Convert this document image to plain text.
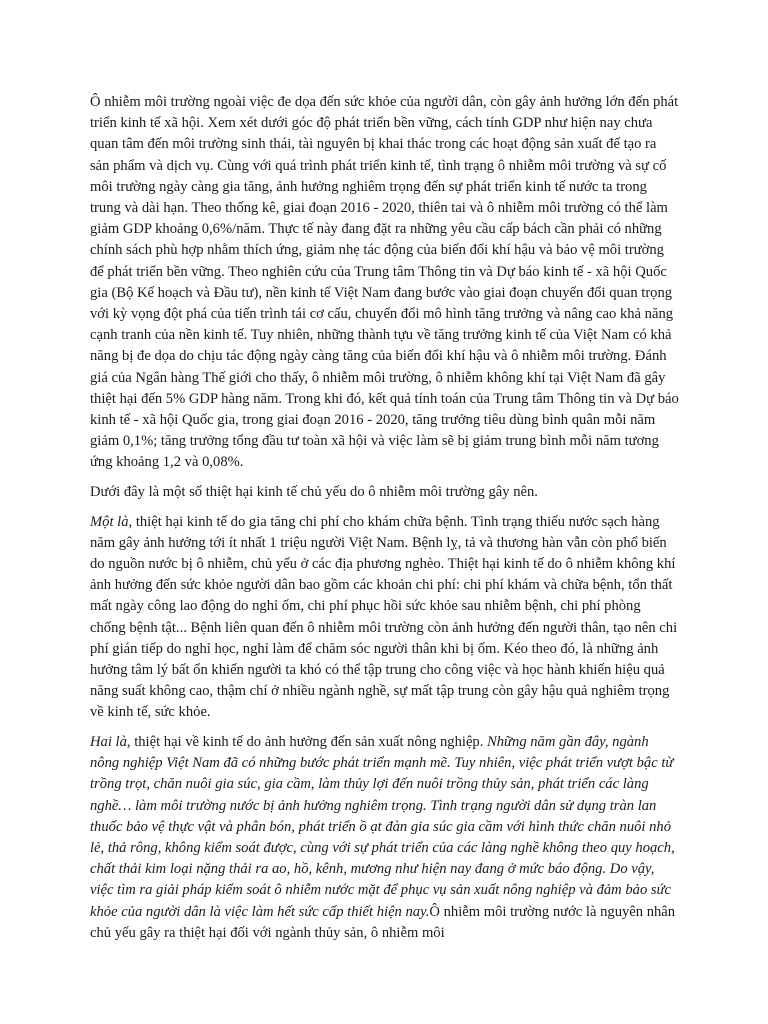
Ô nhiễm môi trường ngoài việc đe dọa đến sức khỏe của người dân, còn gây ảnh hưởng lớn đến phát triển kinh tế xã hội. Xem xét dưới góc độ phát triển bền vững, cách tính GDP như hiện nay chưa quan tâm đến môi trường sinh thái, tài nguyên bị khai thác trong các hoạt động sản xuất để tạo ra sản phẩm và dịch vụ. Cùng với quá trình phát triển kinh tế, tình trạng ô nhiễm môi trường và sự cố môi trường ngày càng gia tăng, ảnh hưởng nghiêm trọng đến sự phát triển kinh tế nước ta trong trung và dài hạn. Theo thống kê, giai đoạn 2016 - 2020, thiên tai và ô nhiễm môi trường có thể làm giảm GDP khoảng 0,6%/năm. Thực tế này đang đặt ra những yêu cầu cấp bách cần phải có những chính sách phù hợp nhằm thích ứng, giảm nhẹ tác động của biến đổi khí hậu và bảo vệ môi trường để phát triển bền vững. Theo nghiên cứu của Trung tâm Thông tin và Dự báo kinh tế - xã hội Quốc gia (Bộ Kế hoạch và Đầu tư), nền kinh tế Việt Nam đang bước vào giai đoạn chuyển đổi quan trọng với kỳ vọng đột phá của tiến trình tái cơ cấu, chuyển đổi mô hình tăng trưởng và nâng cao khả năng cạnh tranh của nền kinh tế. Tuy nhiên, những thành tựu về tăng trưởng kinh tế của Việt Nam có khả năng bị đe dọa do chịu tác động ngày càng tăng của biến đổi khí hậu và ô nhiễm môi trường. Đánh giá của Ngân hàng Thế giới cho thấy, ô nhiễm môi trường, ô nhiễm không khí tại Việt Nam đã gây thiệt hại đến 5% GDP hàng năm. Trong khi đó, kết quả tính toán của Trung tâm Thông tin và Dự báo kinh tế - xã hội Quốc gia, trong giai đoạn 2016 - 2020, tăng trưởng tiêu dùng bình quân mỗi năm giảm 0,1%; tăng trưởng tổng đầu tư toàn xã hội và việc làm sẽ bị giảm trung bình mỗi năm tương ứng khoảng 1,2 và 0,08%.

Dưới đây là một số thiệt hại kinh tế chủ yếu do ô nhiễm môi trường gây nên.

Một là, thiệt hại kinh tế do gia tăng chi phí cho khám chữa bệnh. Tình trạng thiếu nước sạch hàng năm gây ảnh hưởng tới ít nhất 1 triệu người Việt Nam. Bệnh lỵ, tả và thương hàn vẫn còn phổ biến do nguồn nước bị ô nhiễm, chủ yếu ở các địa phương nghèo. Thiệt hại kinh tế do ô nhiễm không khí ảnh hưởng đến sức khỏe người dân bao gồm các khoản chi phí: chi phí khám và chữa bệnh, tổn thất mất ngày công lao động do nghỉ ốm, chi phí phục hồi sức khỏe sau nhiễm bệnh, chi phí phòng chống bệnh tật... Bệnh liên quan đến ô nhiễm môi trường còn ảnh hưởng đến người thân, tạo nên chi phí gián tiếp do nghỉ học, nghỉ làm để chăm sóc người thân khi bị ốm. Kéo theo đó, là những ảnh hưởng tâm lý bất ổn khiến người ta khó có thể tập trung cho công việc và học hành khiến hiệu quả năng suất không cao, thậm chí ở nhiều ngành nghề, sự mất tập trung còn gây hậu quả nghiêm trọng về kinh tế, sức khỏe.

Hai là, thiệt hại về kinh tế do ảnh hưởng đến sản xuất nông nghiệp. Những năm gần đây, ngành nông nghiệp Việt Nam đã có những bước phát triển mạnh mẽ. Tuy nhiên, việc phát triển vượt bậc từ trồng trọt, chăn nuôi gia súc, gia cầm, làm thủy lợi đến nuôi trồng thủy sản, phát triển các làng nghề… làm môi trường nước bị ảnh hưởng nghiêm trọng. Tình trạng người dân sử dụng tràn lan thuốc bảo vệ thực vật và phân bón, phát triển ồ ạt đàn gia súc gia cầm với hình thức chăn nuôi nhỏ lẻ, thả rông, không kiểm soát được, cùng với sự phát triển của các làng nghề không theo quy hoạch, chất thải kim loại nặng thải ra ao, hồ, kênh, mương như hiện nay đang ở mức báo động. Do vậy, việc tìm ra giải pháp kiểm soát ô nhiễm nước mặt để phục vụ sản xuất nông nghiệp và đảm bảo sức khỏe của người dân là việc làm hết sức cấp thiết hiện nay.Ô nhiễm môi trường nước là nguyên nhân chủ yếu gây ra thiệt hại đối với ngành thủy sản, ô nhiễm môi
